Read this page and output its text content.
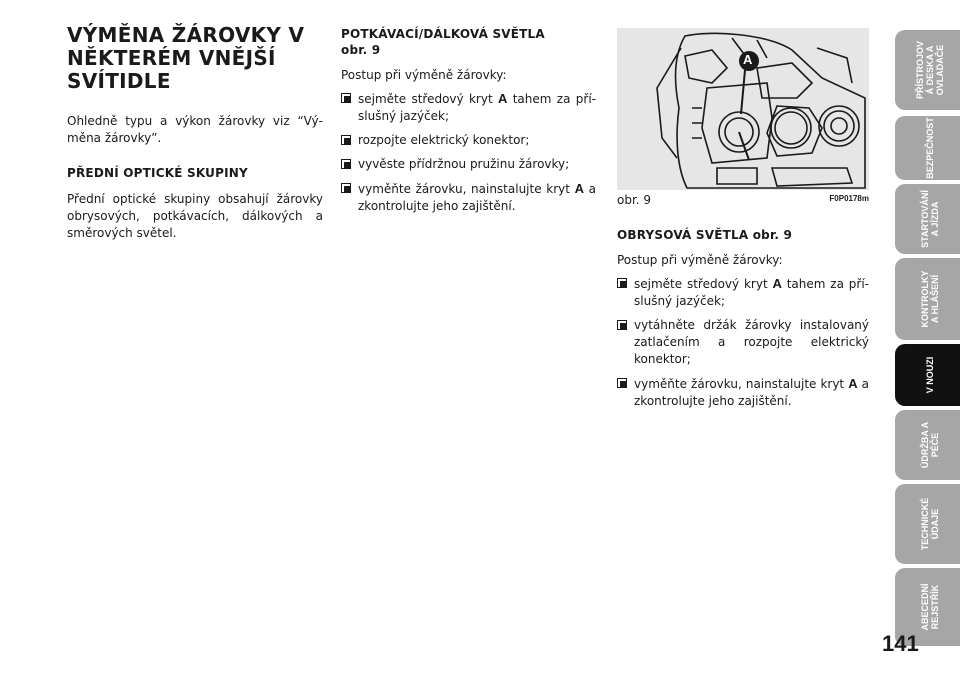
VÝMĚNA ŽÁROVKY V NĚKTERÉM VNĚJŠÍ SVÍTIDLE

Ohledně typu a výkon žárovky viz “Výměna žárovky”.

PŘEDNÍ OPTICKÉ SKUPINY

Přední optické skupiny obsahují žárovky obrysových, potkávacích, dálkových a směrových světel.

POTKÁVACÍ/DÁLKOVÁ SVĚTLA
obr. 9

Postup při výměně žárovky:

sejměte středový kryt A tahem za příslušný jazýček;

rozpojte elektrický konektor;

vyvěste přídržnou pružinu žárovky;

vyměňte žárovku, nainstalujte kryt A a zkontrolujte jeho zajištění.

A
obr. 9	F0P0178m
OBRYSOVÁ SVĚTLA obr. 9

Postup při výměně žárovky:

sejměte středový kryt A tahem za příslušný jazýček;

vytáhněte držák žárovky instalovaný zatlačením a rozpojte elektrický konektor;

vyměňte žárovku, nainstalujte kryt A a zkontrolujte jeho zajištění.

PŘÍSTROJOV
Á DESKA A
OVLADAČE
BEZPEČNOST
STARTOVÁNÍ
A JÍZDA
KONTROLKY
A HLÁŠENÍ
V NOUZI
ÚDRŽBA A
PÉČE
TECHNICKÉ
ÚDAJE
ABECEDNÍ
REJSTŘÍK
141
